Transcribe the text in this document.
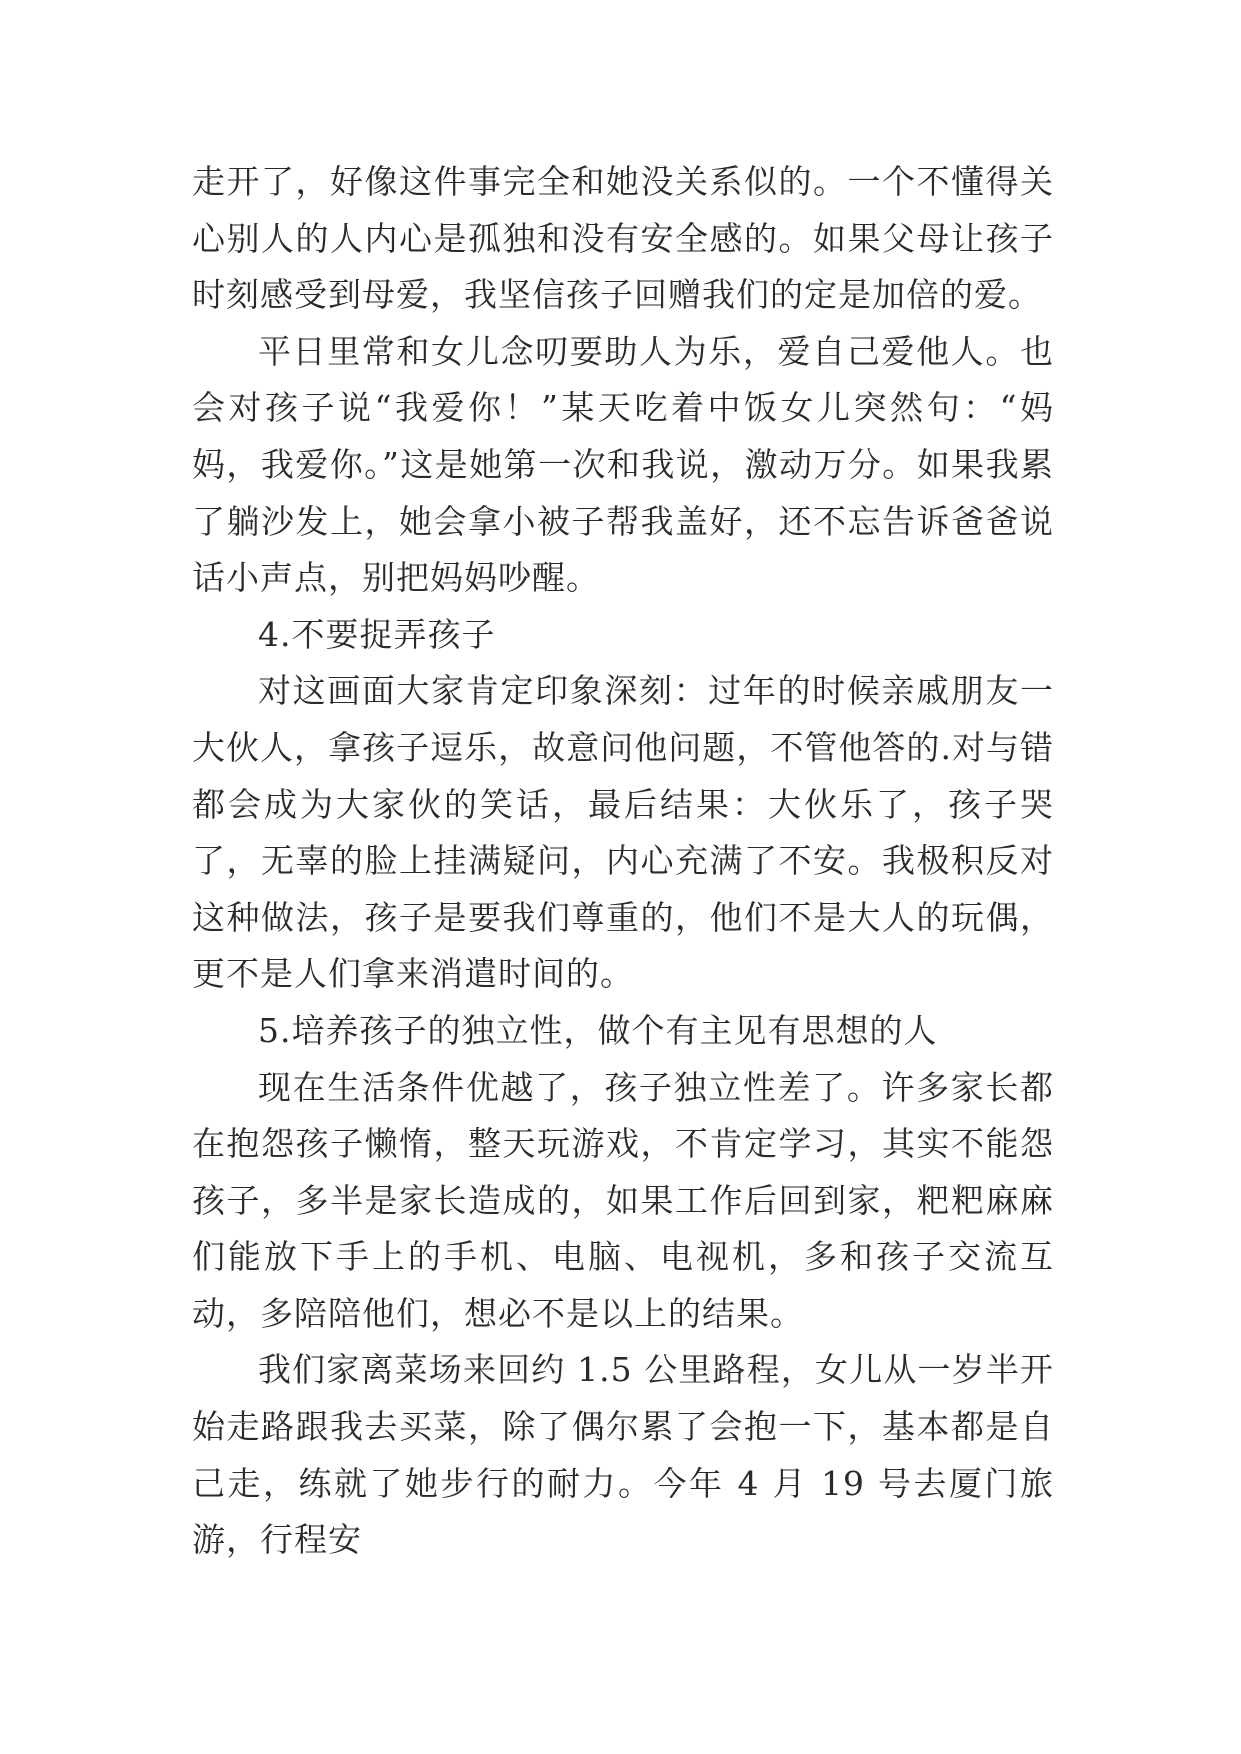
走开了，好像这件事完全和她没关系似的。一个不懂得关心别人的人内心是孤独和没有安全感的。如果父母让孩子时刻感受到母爱，我坚信孩子回赠我们的定是加倍的爱。

平日里常和女儿念叨要助人为乐，爱自己爱他人。也会对孩子说“我爱你！”某天吃着中饭女儿突然句：“妈妈，我爱你。”这是她第一次和我说，激动万分。如果我累了躺沙发上，她会拿小被子帮我盖好，还不忘告诉爸爸说话小声点，别把妈妈吵醒。

4.不要捉弄孩子

对这画面大家肯定印象深刻：过年的时候亲戚朋友一大伙人，拿孩子逗乐，故意问他问题，不管他答的.对与错都会成为大家伙的笑话，最后结果：大伙乐了，孩子哭了，无辜的脸上挂满疑问，内心充满了不安。我极积反对这种做法，孩子是要我们尊重的，他们不是大人的玩偶，更不是人们拿来消遣时间的。

5.培养孩子的独立性，做个有主见有思想的人

现在生活条件优越了，孩子独立性差了。许多家长都在抱怨孩子懒惰，整天玩游戏，不肯定学习，其实不能怨孩子，多半是家长造成的，如果工作后回到家，粑粑麻麻们能放下手上的手机、电脑、电视机，多和孩子交流互动，多陪陪他们，想必不是以上的结果。

我们家离菜场来回约 1.5 公里路程，女儿从一岁半开始走路跟我去买菜，除了偶尔累了会抱一下，基本都是自己走，练就了她步行的耐力。今年 4 月 19 号去厦门旅游，行程安
